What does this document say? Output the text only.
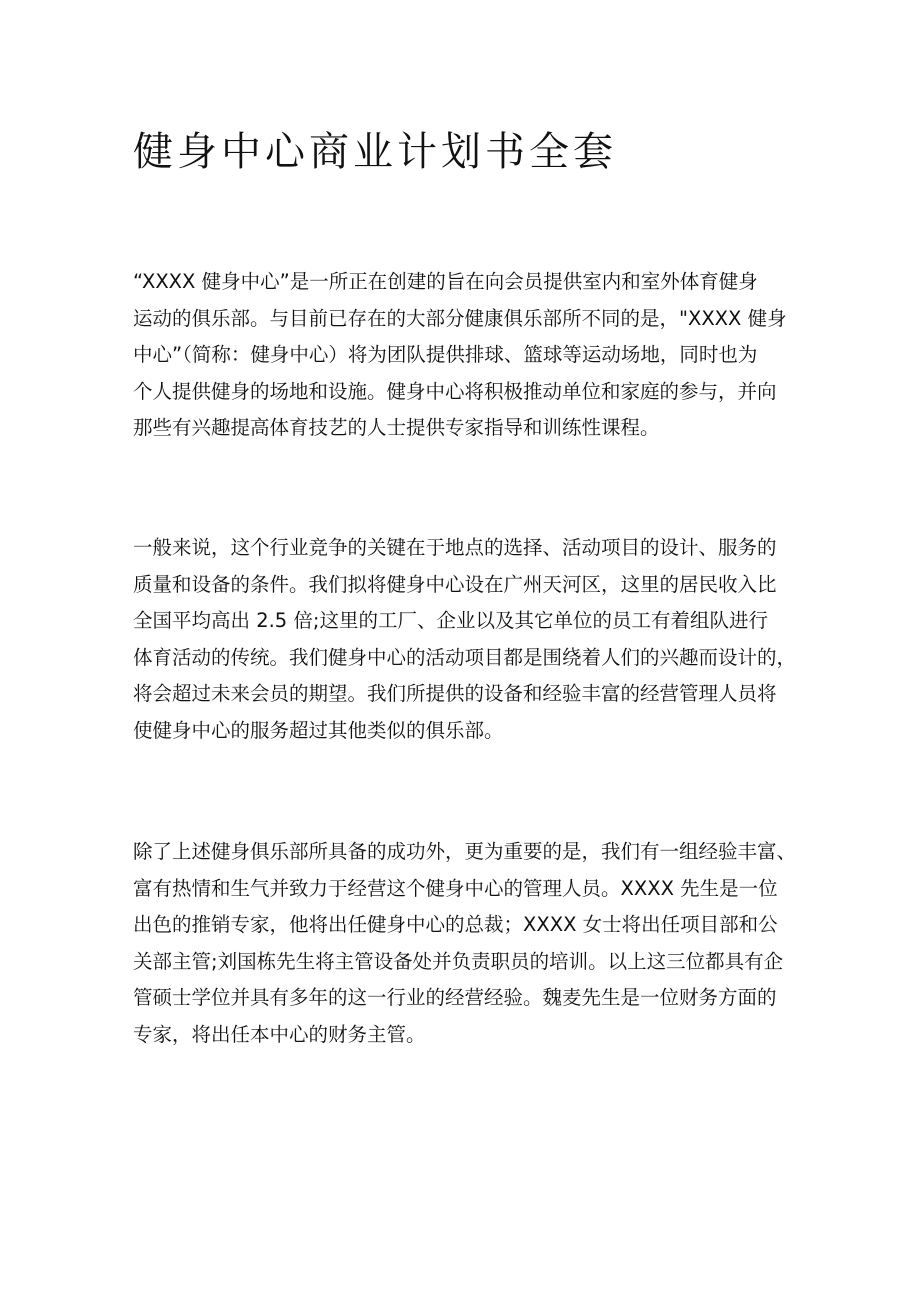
健身中心商业计划书全套
“XXXX 健身中心”是一所正在创建的旨在向会员提供室内和室外体育健身
运动的俱乐部。与目前已存在的大部分健康俱乐部所不同的是，"XXXX 健身
中心”（简称：健身中心）将为团队提供排球、篮球等运动场地，同时也为
个人提供健身的场地和设施。健身中心将积极推动单位和家庭的参与，并向
那些有兴趣提高体育技艺的人士提供专家指导和训练性课程。
一般来说，这个行业竞争的关键在于地点的选择、活动项目的设计、服务的
质量和设备的条件。我们拟将健身中心设在广州天河区，这里的居民收入比
全国平均高出 2.5 倍;这里的工厂、企业以及其它单位的员工有着组队进行
体育活动的传统。我们健身中心的活动项目都是围绕着人们的兴趣而设计的，
将会超过未来会员的期望。我们所提供的设备和经验丰富的经营管理人员将
使健身中心的服务超过其他类似的俱乐部。
除了上述健身俱乐部所具备的成功外，更为重要的是，我们有一组经验丰富、
富有热情和生气并致力于经营这个健身中心的管理人员。XXXX 先生是一位
出色的推销专家，他将出任健身中心的总裁；XXXX 女士将出任项目部和公
关部主管;刘国栋先生将主管设备处并负责职员的培训。以上这三位都具有企
管硕士学位并具有多年的这一行业的经营经验。魏麦先生是一位财务方面的
专家，将出任本中心的财务主管。
